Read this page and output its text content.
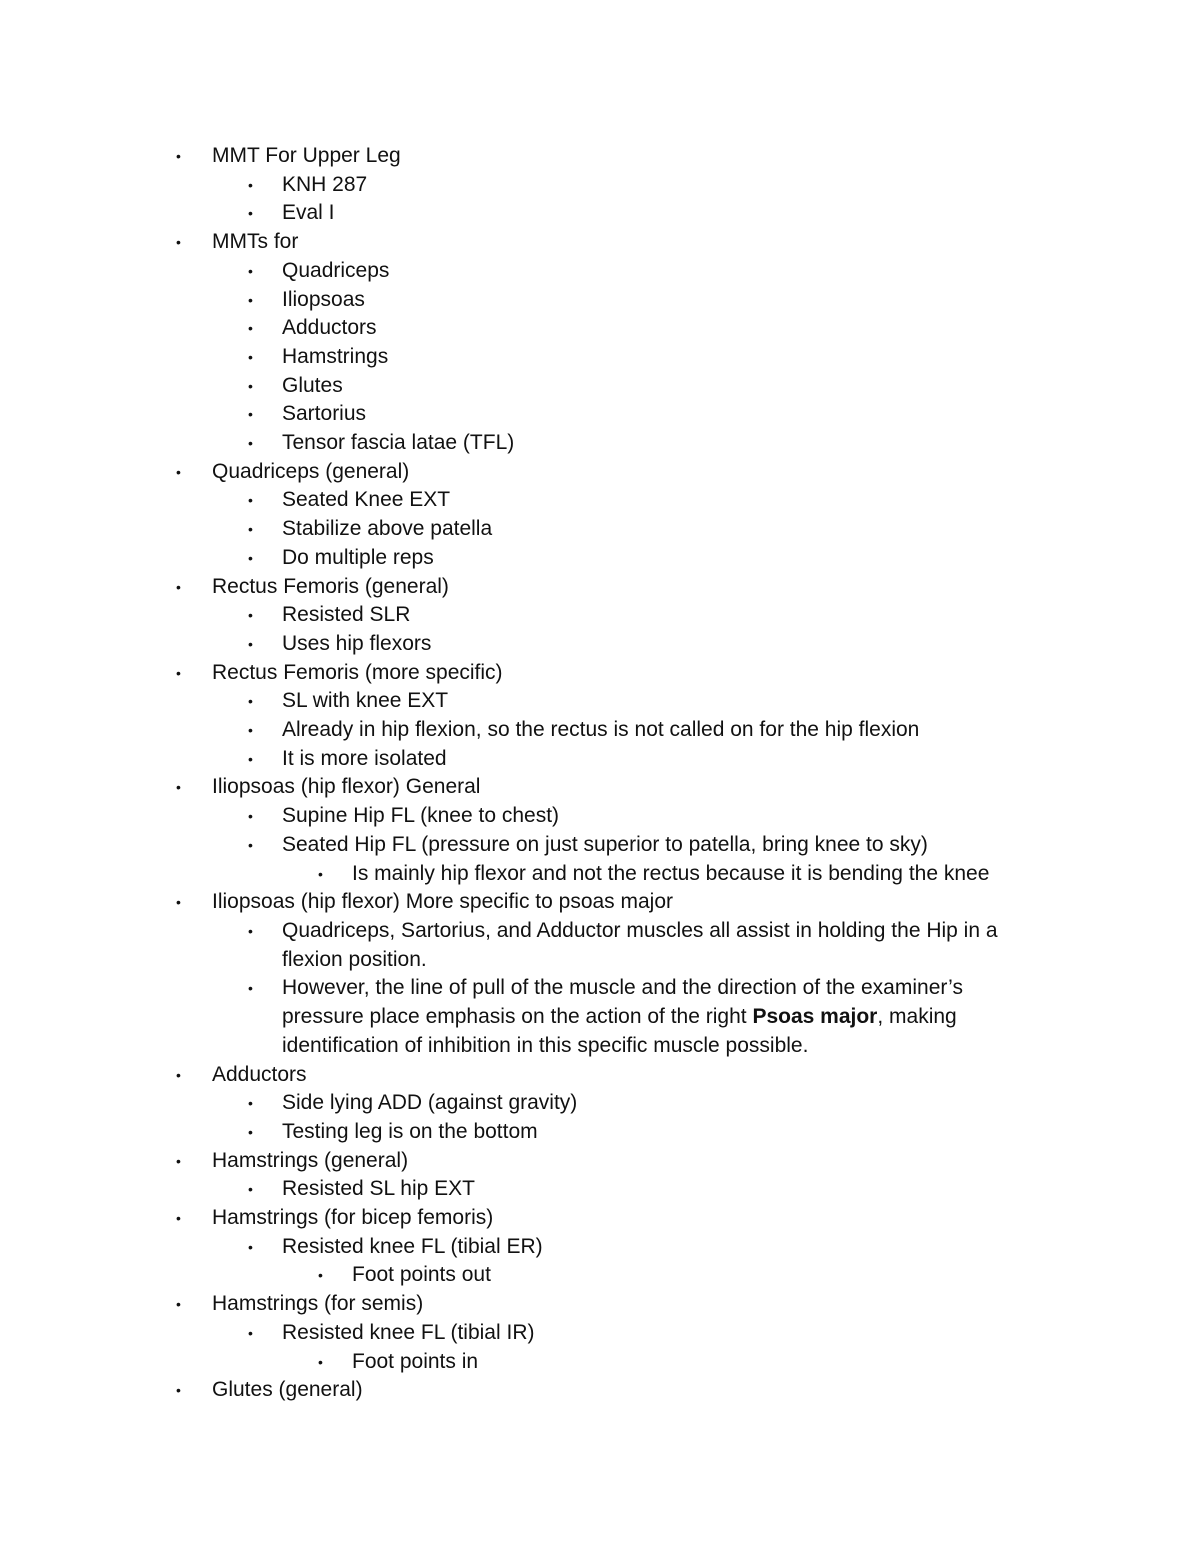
• MMT For Upper Leg
• KNH 287
• Eval I
• MMTs for
• Quadriceps
• Iliopsoas
• Adductors
• Hamstrings
• Glutes
• Sartorius
• Tensor fascia latae (TFL)
• Quadriceps (general)
• Seated Knee EXT
• Stabilize above patella
• Do multiple reps
• Rectus Femoris (general)
• Resisted SLR
• Uses hip flexors
• Rectus Femoris (more specific)
• SL with knee EXT
• Already in hip flexion, so the rectus is not called on for the hip flexion
• It is more isolated
• Iliopsoas (hip flexor) General
• Supine Hip FL (knee to chest)
• Seated Hip FL (pressure on just superior to patella, bring knee to sky)
• Is mainly hip flexor and not the rectus because it is bending the knee
• Iliopsoas (hip flexor) More specific to psoas major
• Quadriceps, Sartorius, and Adductor muscles all assist in holding the Hip in a flexion position.
• However, the line of pull of the muscle and the direction of the examiner’s pressure place emphasis on the action of the right Psoas major, making identification of inhibition in this specific muscle possible.
• Adductors
• Side lying ADD (against gravity)
• Testing leg is on the bottom
• Hamstrings (general)
• Resisted SL hip EXT
• Hamstrings (for bicep femoris)
• Resisted knee FL (tibial ER)
• Foot points out
• Hamstrings (for semis)
• Resisted knee FL (tibial IR)
• Foot points in
• Glutes (general)
